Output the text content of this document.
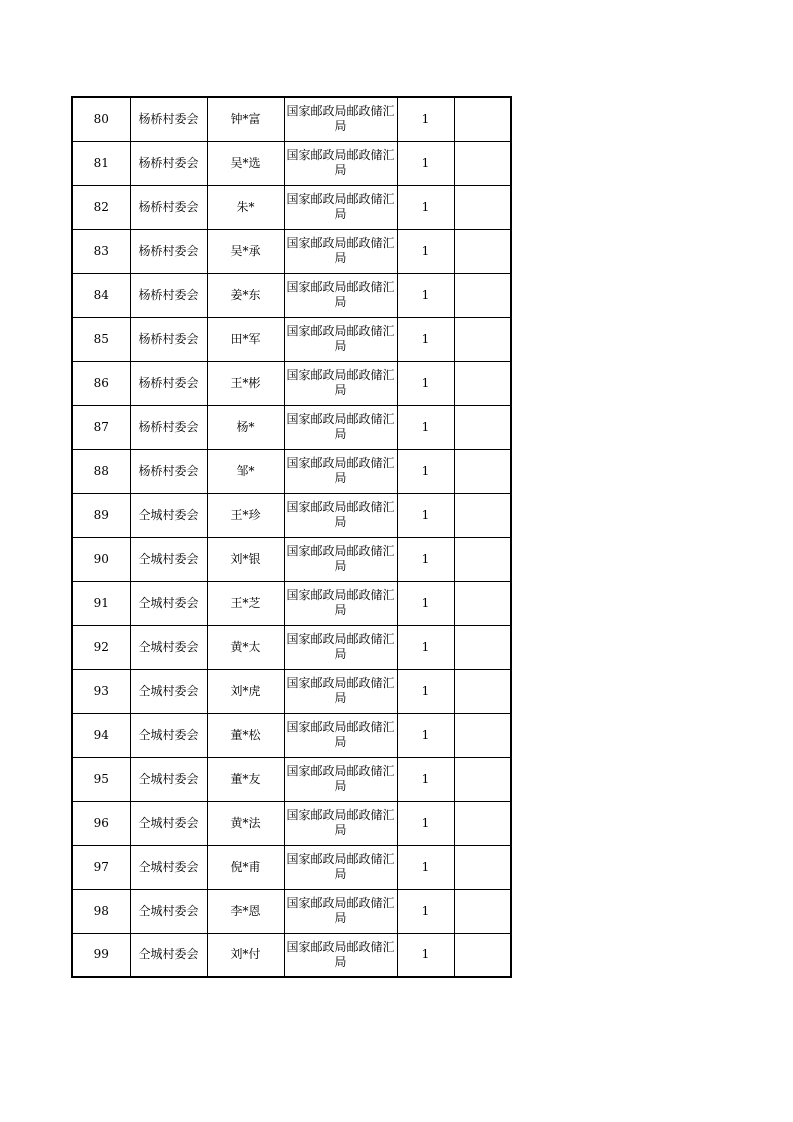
80	杨桥村委会	钟*富	国家邮政局邮政储汇局	1	
81	杨桥村委会	吴*选	国家邮政局邮政储汇局	1	
82	杨桥村委会	朱*	国家邮政局邮政储汇局	1	
83	杨桥村委会	吴*承	国家邮政局邮政储汇局	1	
84	杨桥村委会	姜*东	国家邮政局邮政储汇局	1	
85	杨桥村委会	田*军	国家邮政局邮政储汇局	1	
86	杨桥村委会	王*彬	国家邮政局邮政储汇局	1	
87	杨桥村委会	杨*	国家邮政局邮政储汇局	1	
88	杨桥村委会	邹*	国家邮政局邮政储汇局	1	
89	仝城村委会	王*珍	国家邮政局邮政储汇局	1	
90	仝城村委会	刘*银	国家邮政局邮政储汇局	1	
91	仝城村委会	王*芝	国家邮政局邮政储汇局	1	
92	仝城村委会	黄*太	国家邮政局邮政储汇局	1	
93	仝城村委会	刘*虎	国家邮政局邮政储汇局	1	
94	仝城村委会	董*松	国家邮政局邮政储汇局	1	
95	仝城村委会	董*友	国家邮政局邮政储汇局	1	
96	仝城村委会	黄*法	国家邮政局邮政储汇局	1	
97	仝城村委会	倪*甫	国家邮政局邮政储汇局	1	
98	仝城村委会	李*恩	国家邮政局邮政储汇局	1	
99	仝城村委会	刘*付	国家邮政局邮政储汇局	1	
